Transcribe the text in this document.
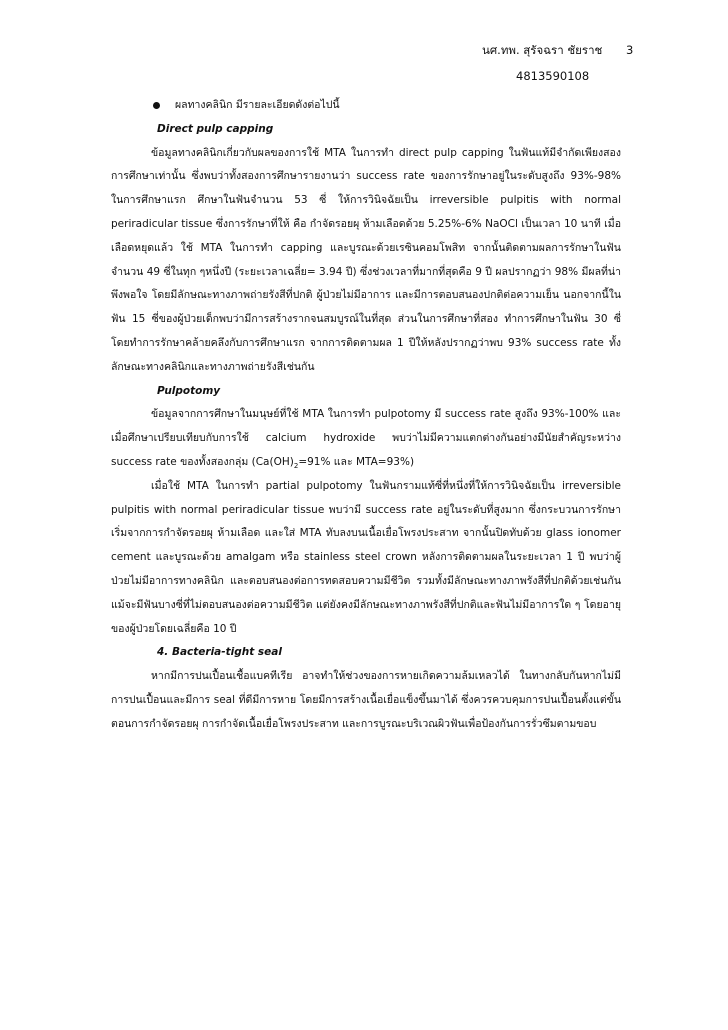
นศ.ทพ. สุรัจฉรา ชัยราช 3
4813590108

ผลทางคลินิก มีรายละเอียดดังต่อไปนี้

Direct pulp capping

ข้อมูลทางคลินิกเกี่ยวกับผลของการใช้ MTA ในการทำ direct pulp capping ในฟันแท้มีจำกัดเพียงสองการศึกษาเท่านั้น ซึ่งพบว่าทั้งสองการศึกษารายงานว่า success rate ของการรักษาอยู่ในระดับสูงถึง 93%-98% ในการศึกษาแรก ศึกษาในฟันจำนวน 53 ซี่ ให้การวินิจฉัยเป็น irreversible pulpitis with normal periradicular tissue ซึ่งการรักษาที่ให้ คือ กำจัดรอยผุ ห้ามเลือดด้วย 5.25%-6% NaOCl เป็นเวลา 10 นาที เมื่อเลือดหยุดแล้ว ใช้ MTA ในการทำ capping และบูรณะด้วยเรซินคอมโพสิท จากนั้นติดตามผลการรักษาในฟันจำนวน 49 ซี่ในทุก ๆหนึ่งปี (ระยะเวลาเฉลี่ย= 3.94 ปี) ซึ่งช่วงเวลาที่มากที่สุดคือ 9 ปี ผลปรากฏว่า 98% มีผลที่น่าพึงพอใจ โดยมีลักษณะทางภาพถ่ายรังสีที่ปกติ ผู้ป่วยไม่มีอาการ และมีการตอบสนองปกติต่อความเย็น นอกจากนี้ในฟัน 15 ซี่ของผู้ป่วยเด็กพบว่ามีการสร้างรากจนสมบูรณ์ในที่สุด ส่วนในการศึกษาที่สอง ทำการศึกษาในฟัน 30 ซี่ โดยทำการรักษาคล้ายคลึงกับการศึกษาแรก จากการติดตามผล 1 ปีให้หลังปรากฏว่าพบ 93% success rate ทั้งลักษณะทางคลินิกและทางภาพถ่ายรังสีเช่นกัน

Pulpotomy

ข้อมูลจากการศึกษาในมนุษย์ที่ใช้ MTA ในการทำ pulpotomy มี success rate สูงถึง 93%-100% และเมื่อศึกษาเปรียบเทียบกับการใช้ calcium hydroxide พบว่าไม่มีความแตกต่างกันอย่างมีนัยสำคัญระหว่าง success rate ของทั้งสองกลุ่ม ($Ca(OH)_2=91\%$ และ MTA=93%)

เมื่อใช้ MTA ในการทำ partial pulpotomy ในฟันกรามแท้ซี่ที่หนึ่งที่ให้การวินิจฉัยเป็น irreversible pulpitis with normal periradicular tissue พบว่ามี success rate อยู่ในระดับที่สูงมาก ซึ่งกระบวนการรักษาเริ่มจากการกำจัดรอยผุ ห้ามเลือด และใส่ MTA ทับลงบนเนื้อเยื่อโพรงประสาท จากนั้นปิดทับด้วย glass ionomer cement และบูรณะด้วย amalgam หรือ stainless steel crown หลังการติดตามผลในระยะเวลา 1 ปี พบว่าผู้ป่วยไม่มีอาการทางคลินิก และตอบสนองต่อการทดสอบความมีชีวิต รวมทั้งมีลักษณะทางภาพรังสีที่ปกติด้วยเช่นกัน แม้จะมีฟันบางซี่ที่ไม่ตอบสนองต่อความมีชีวิต แต่ยังคงมีลักษณะทางภาพรังสีที่ปกติและฟันไม่มีอาการใด ๆ โดยอายุของผู้ป่วยโดยเฉลี่ยคือ 10 ปี

4. Bacteria-tight seal

หากมีการปนเปื้อนเชื้อแบคทีเรีย อาจทำให้ช่วงของการหายเกิดความล้มเหลวได้ ในทางกลับกันหากไม่มีการปนเปื้อนและมีการ seal ที่ดีมีการหาย โดยมีการสร้างเนื้อเยื่อแข็งขึ้นมาได้ ซึ่งควรควบคุมการปนเปื้อนตั้งแต่ขั้นตอนการกำจัดรอยผุ การกำจัดเนื้อเยื่อโพรงประสาท และการบูรณะบริเวณผิวฟันเพื่อป้องกันการรั่วซึมตามขอบ
